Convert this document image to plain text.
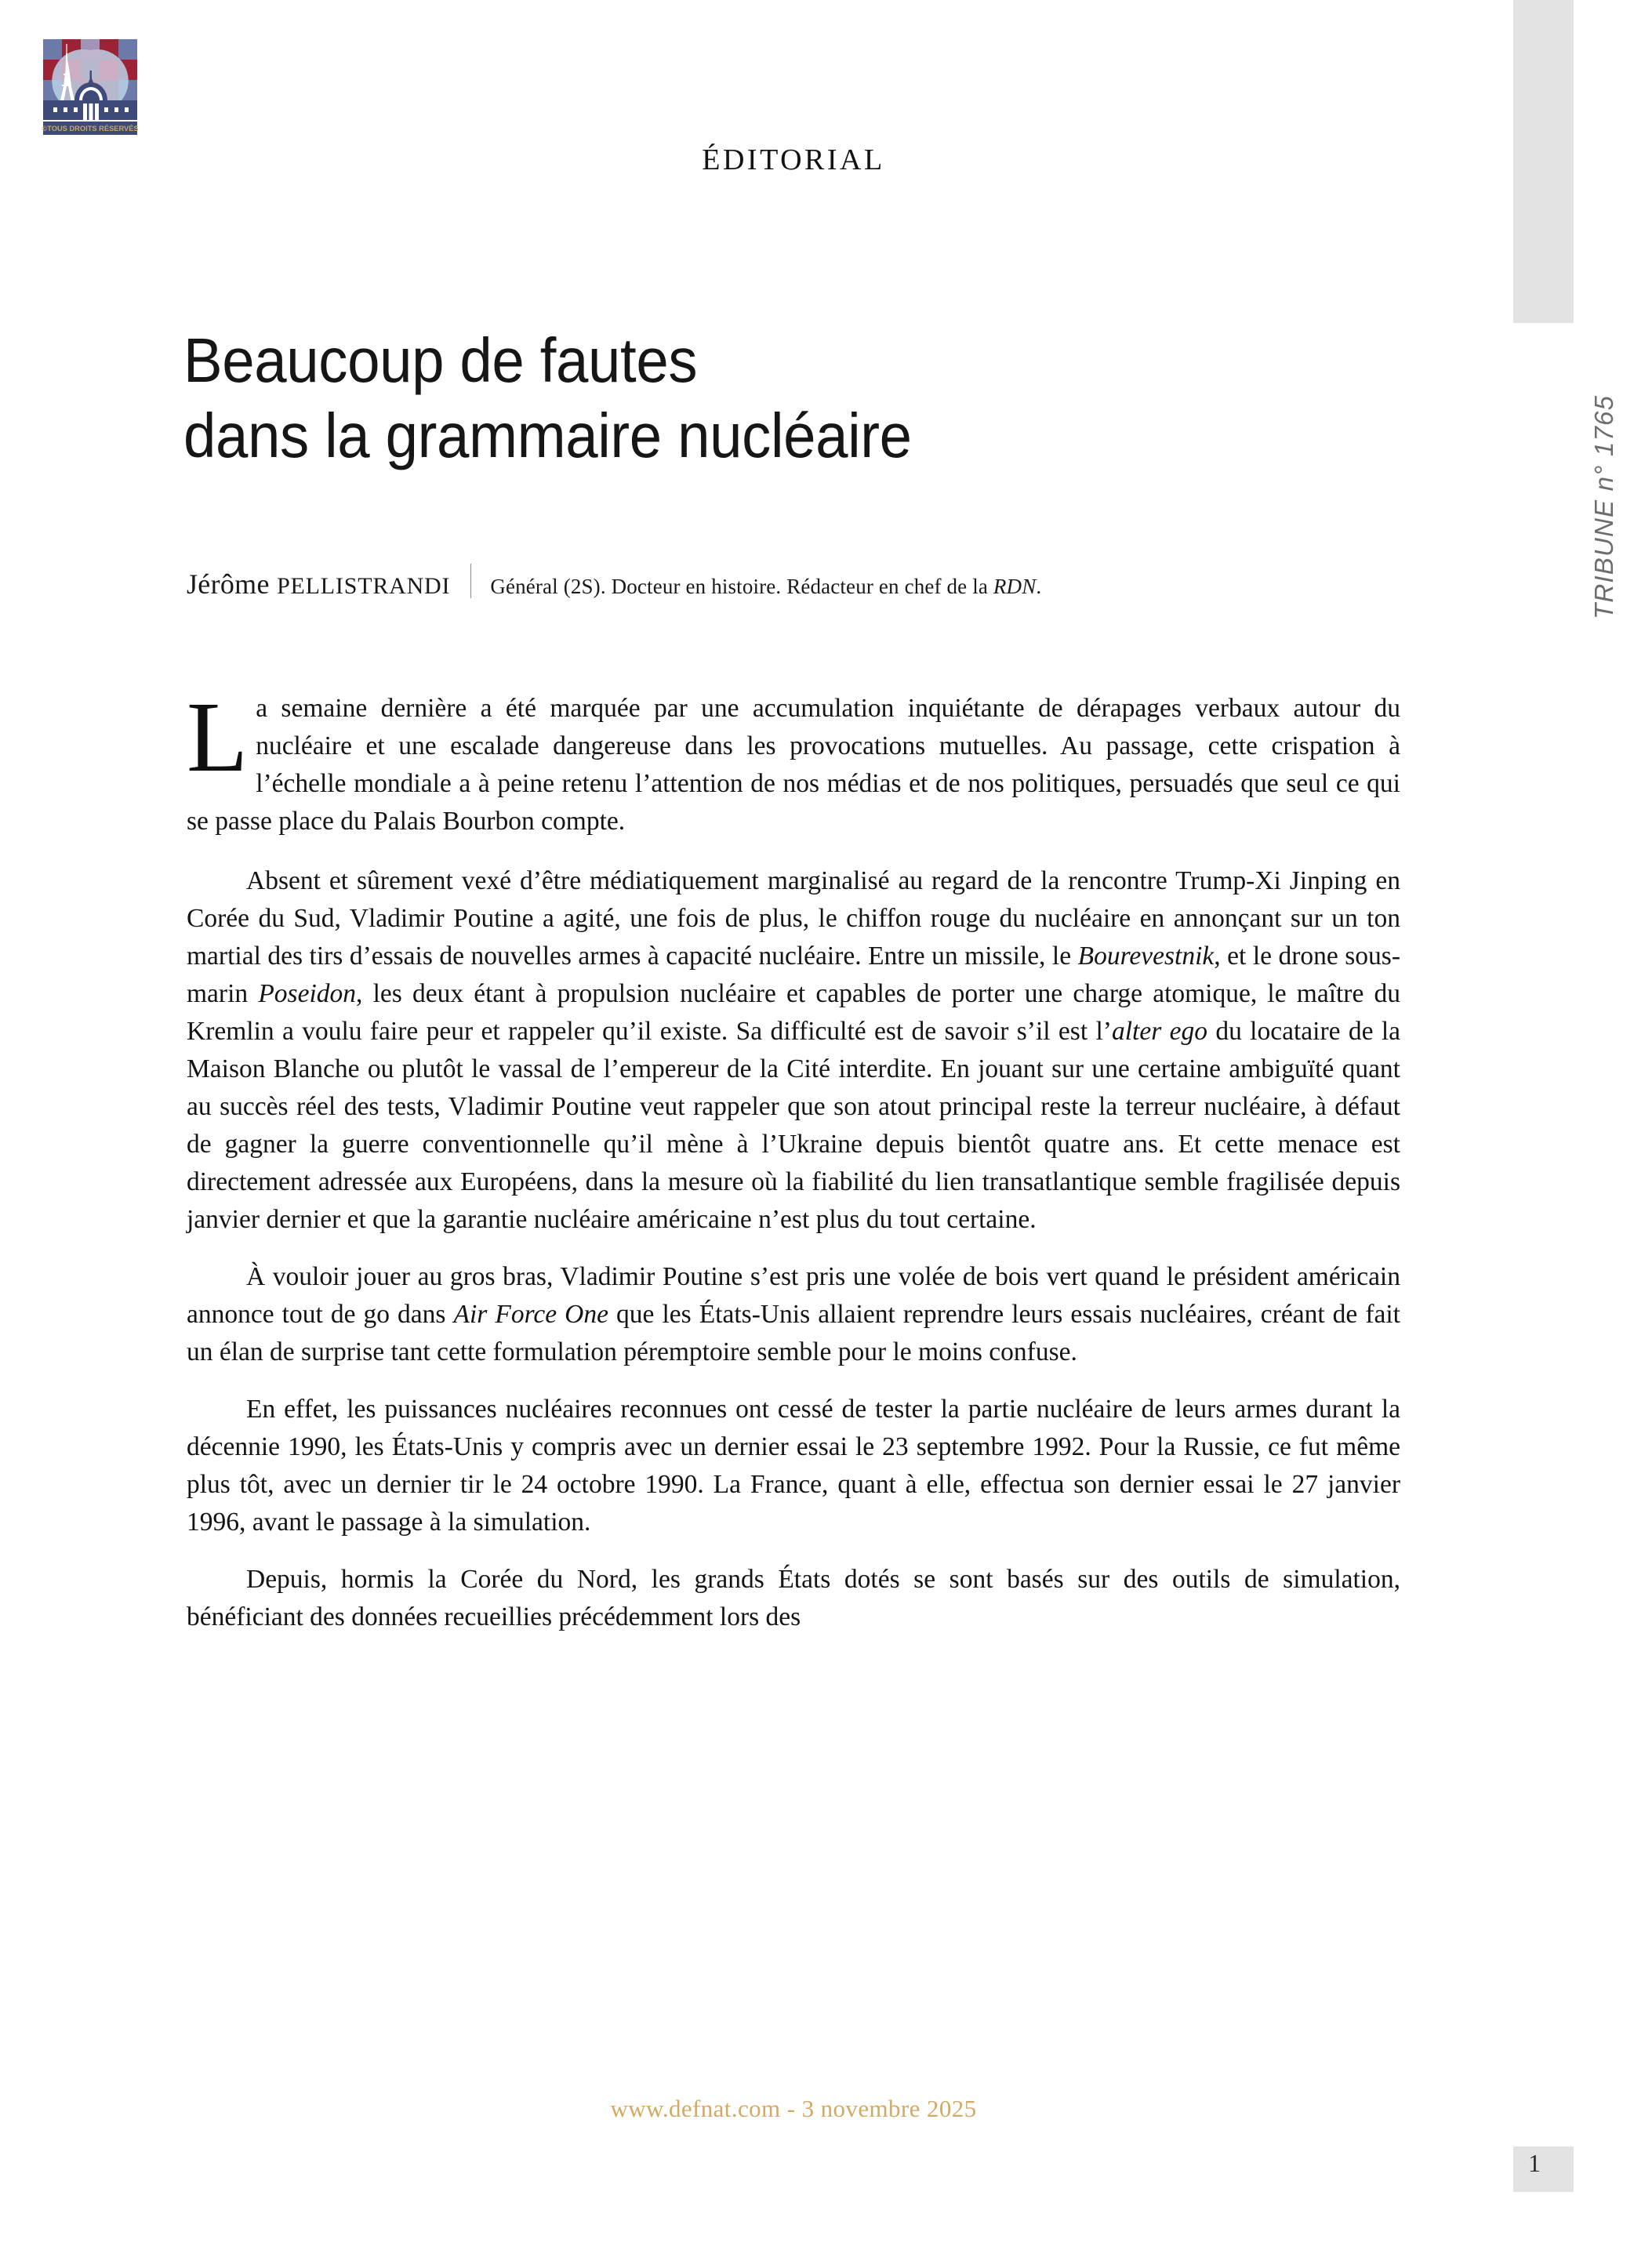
©TOUS DROITS RÉSERVÉS
TRIBUNE n° 1765
1
ÉDITORIAL
Beaucoup de fautes
dans la grammaire nucléaire
Jérôme PELLISTRANDI Général (2S). Docteur en histoire. Rédacteur en chef de la RDN.

La semaine dernière a été marquée par une accumulation inquiétante de dérapages verbaux autour du nucléaire et une escalade dangereuse dans les provocations mutuelles. Au passage, cette crispation à l’échelle mondiale a à peine retenu l’attention de nos médias et de nos politiques, persuadés que seul ce qui se passe place du Palais Bourbon compte.

Absent et sûrement vexé d’être médiatiquement marginalisé au regard de la rencontre Trump-Xi Jinping en Corée du Sud, Vladimir Poutine a agité, une fois de plus, le chiffon rouge du nucléaire en annonçant sur un ton martial des tirs d’essais de nouvelles armes à capacité nucléaire. Entre un missile, le Bourevestnik, et le drone sous-marin Poseidon, les deux étant à propulsion nucléaire et capables de porter une charge atomique, le maître du Kremlin a voulu faire peur et rappeler qu’il existe. Sa difficulté est de savoir s’il est l’alter ego du locataire de la Maison Blanche ou plutôt le vassal de l’empereur de la Cité interdite. En jouant sur une certaine ambiguïté quant au succès réel des tests, Vladimir Poutine veut rappeler que son atout principal reste la terreur nucléaire, à défaut de gagner la guerre conventionnelle qu’il mène à l’Ukraine depuis bientôt quatre ans. Et cette menace est directement adressée aux Européens, dans la mesure où la fiabilité du lien transatlantique semble fragilisée depuis janvier dernier et que la garantie nucléaire américaine n’est plus du tout certaine.

À vouloir jouer au gros bras, Vladimir Poutine s’est pris une volée de bois vert quand le président américain annonce tout de go dans Air Force One que les États-Unis allaient reprendre leurs essais nucléaires, créant de fait un élan de surprise tant cette formulation péremptoire semble pour le moins confuse.

En effet, les puissances nucléaires reconnues ont cessé de tester la partie nucléaire de leurs armes durant la décennie 1990, les États-Unis y compris avec un dernier essai le 23 septembre 1992. Pour la Russie, ce fut même plus tôt, avec un dernier tir le 24 octobre 1990. La France, quant à elle, effectua son dernier essai le 27 janvier 1996, avant le passage à la simulation.

Depuis, hormis la Corée du Nord, les grands États dotés se sont basés sur des outils de simulation, bénéficiant des données recueillies précédemment lors des

www.defnat.com - 3 novembre 2025
